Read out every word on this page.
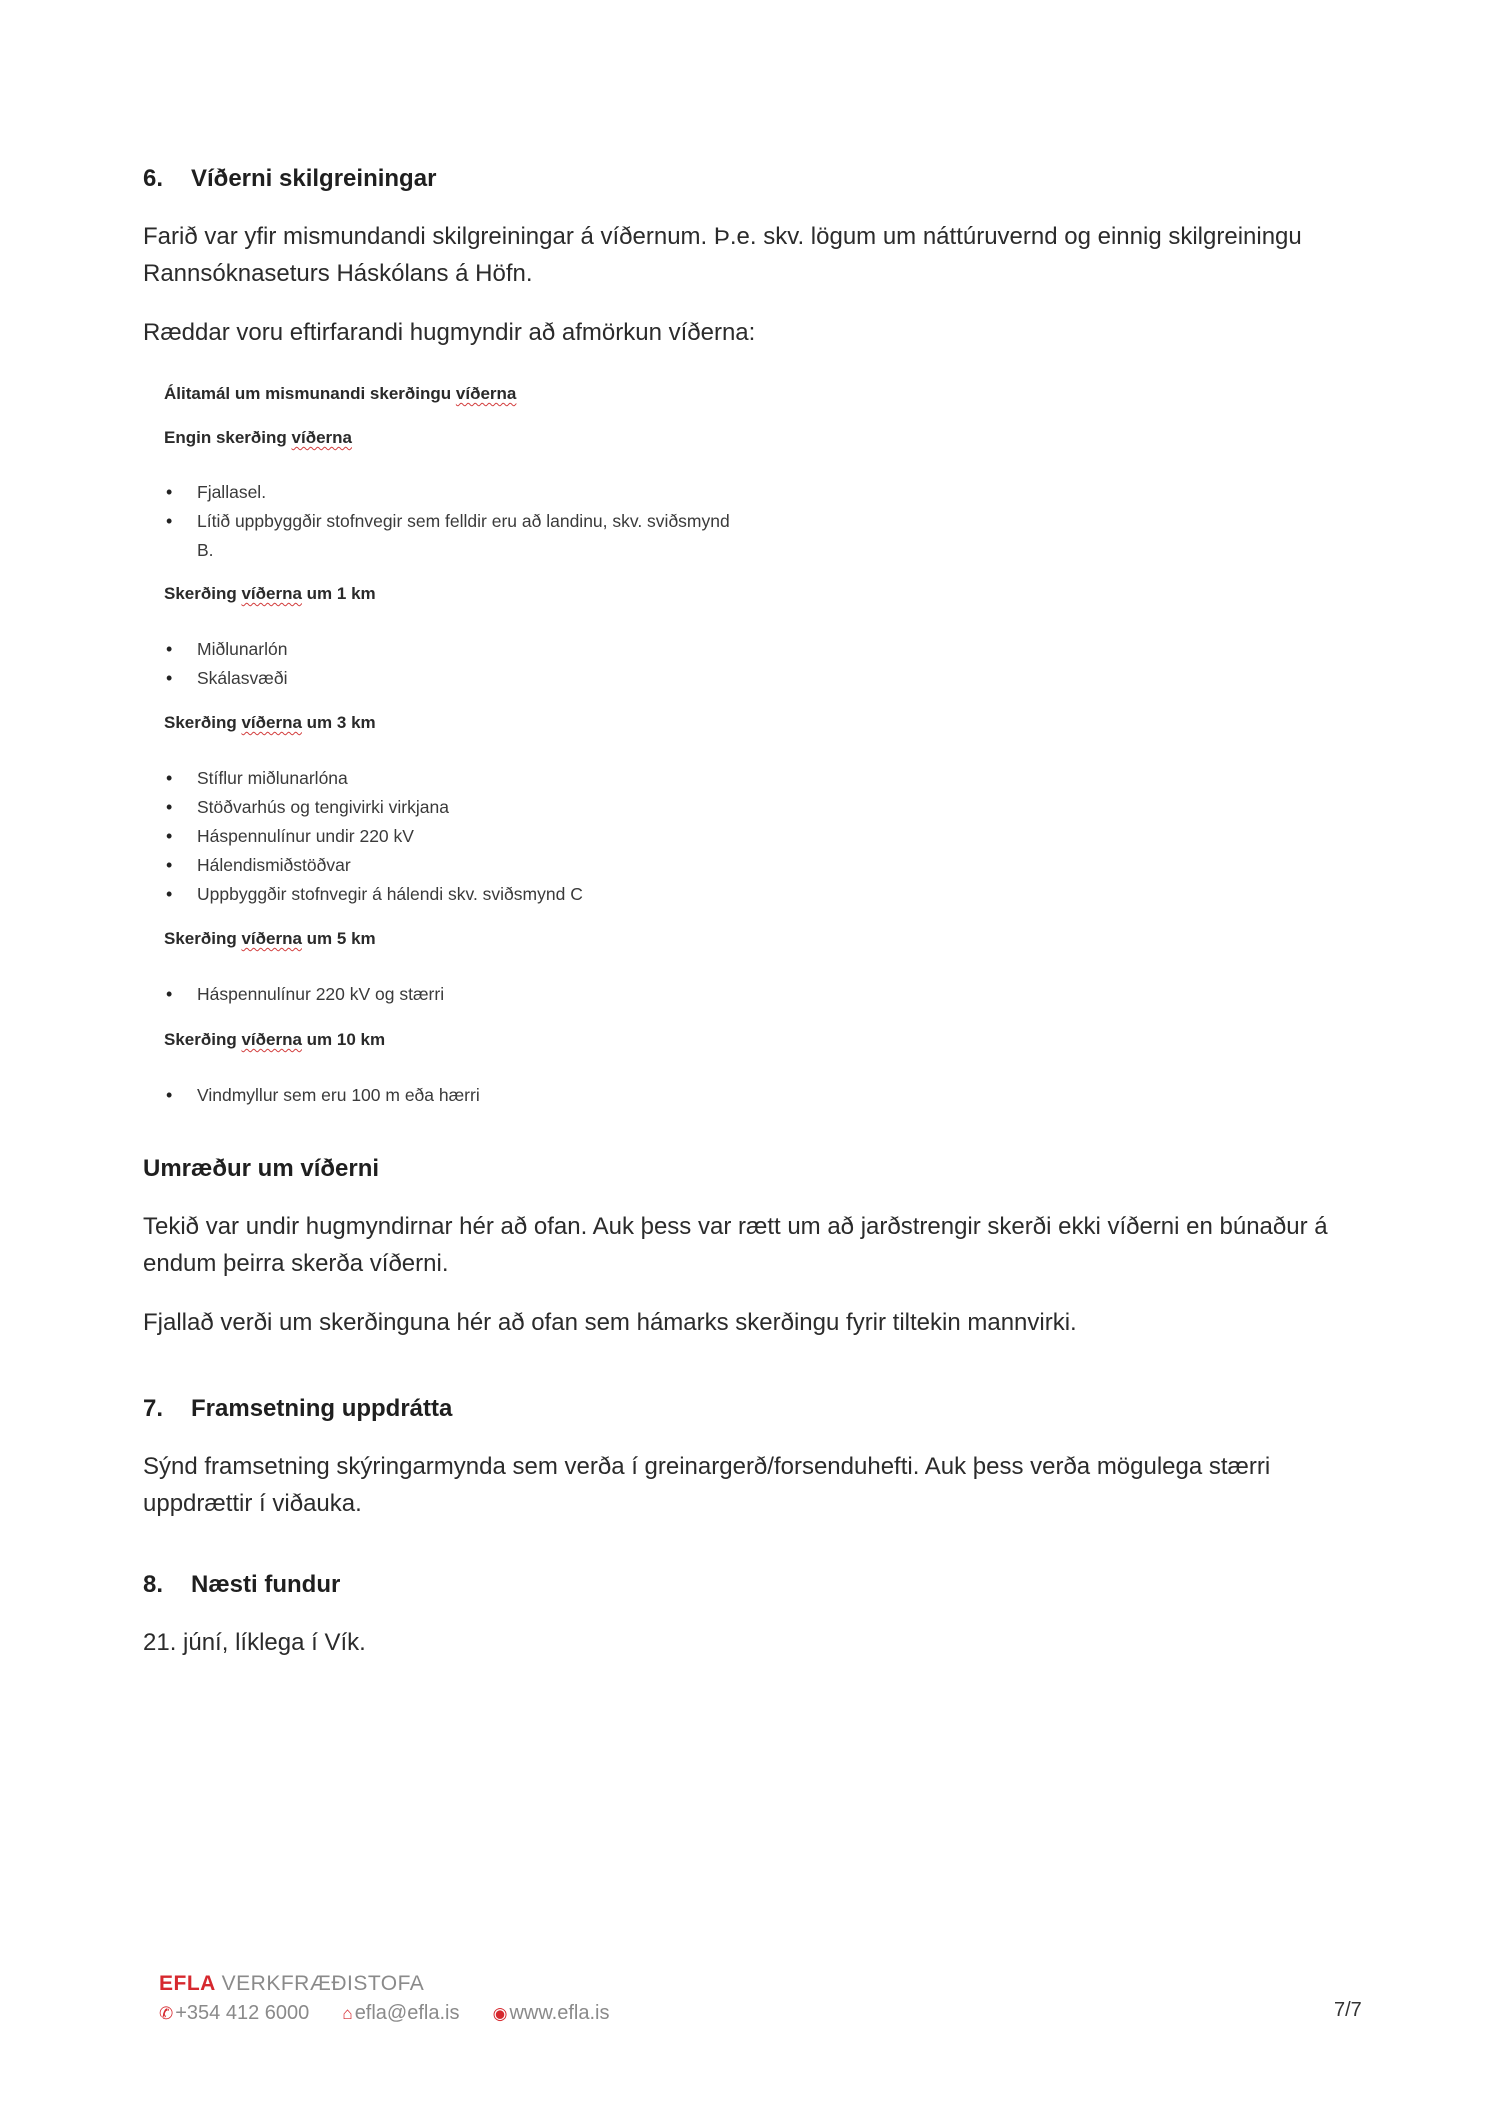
6. Víðerni skilgreiningar
Farið var yfir mismundandi skilgreiningar á víðernum. Þ.e. skv. lögum um náttúruvernd og einnig skilgreiningu Rannsóknaseturs Háskólans á Höfn.
Ræddar voru eftirfarandi hugmyndir að afmörkun víðerna:
Álitamál um mismunandi skerðingu víðerna
Engin skerðing víðerna
• Fjallasel.
• Lítið uppbyggðir stofnvegir sem felldir eru að landinu, skv. sviðsmynd B.
Skerðing víðerna um 1 km
• Miðlunarlón
• Skálasvæði
Skerðing víðerna um 3 km
• Stíflur miðlunarlóna
• Stöðvarhús og tengivirki virkjana
• Háspennulínur undir 220 kV
• Hálendismiðstöðvar
• Uppbyggðir stofnvegir á hálendi skv. sviðsmynd C
Skerðing víðerna um 5 km
• Háspennulínur 220 kV og stærri
Skerðing víðerna um 10 km
• Vindmyllur sem eru 100 m eða hærri
Umræður um víðerni
Tekið var undir hugmyndirnar hér að ofan. Auk þess var rætt um að jarðstrengir skerði ekki víðerni en búnaður á endum þeirra skerða víðerni.
Fjallað verði um skerðinguna hér að ofan sem hámarks skerðingu fyrir tiltekin mannvirki.
7. Framsetning uppdrátta
Sýnd framsetning skýringarmynda sem verða í greinargerð/forsenduhefti. Auk þess verða mögulega stærri uppdrættir í viðauka.
8. Næsti fundur
21. júní, líklega í Vík.
EFLA VERKFRÆÐISTOFA
✆ +354 412 6000 ⌂ efla@efla.is ◉ www.efla.is	7/7
